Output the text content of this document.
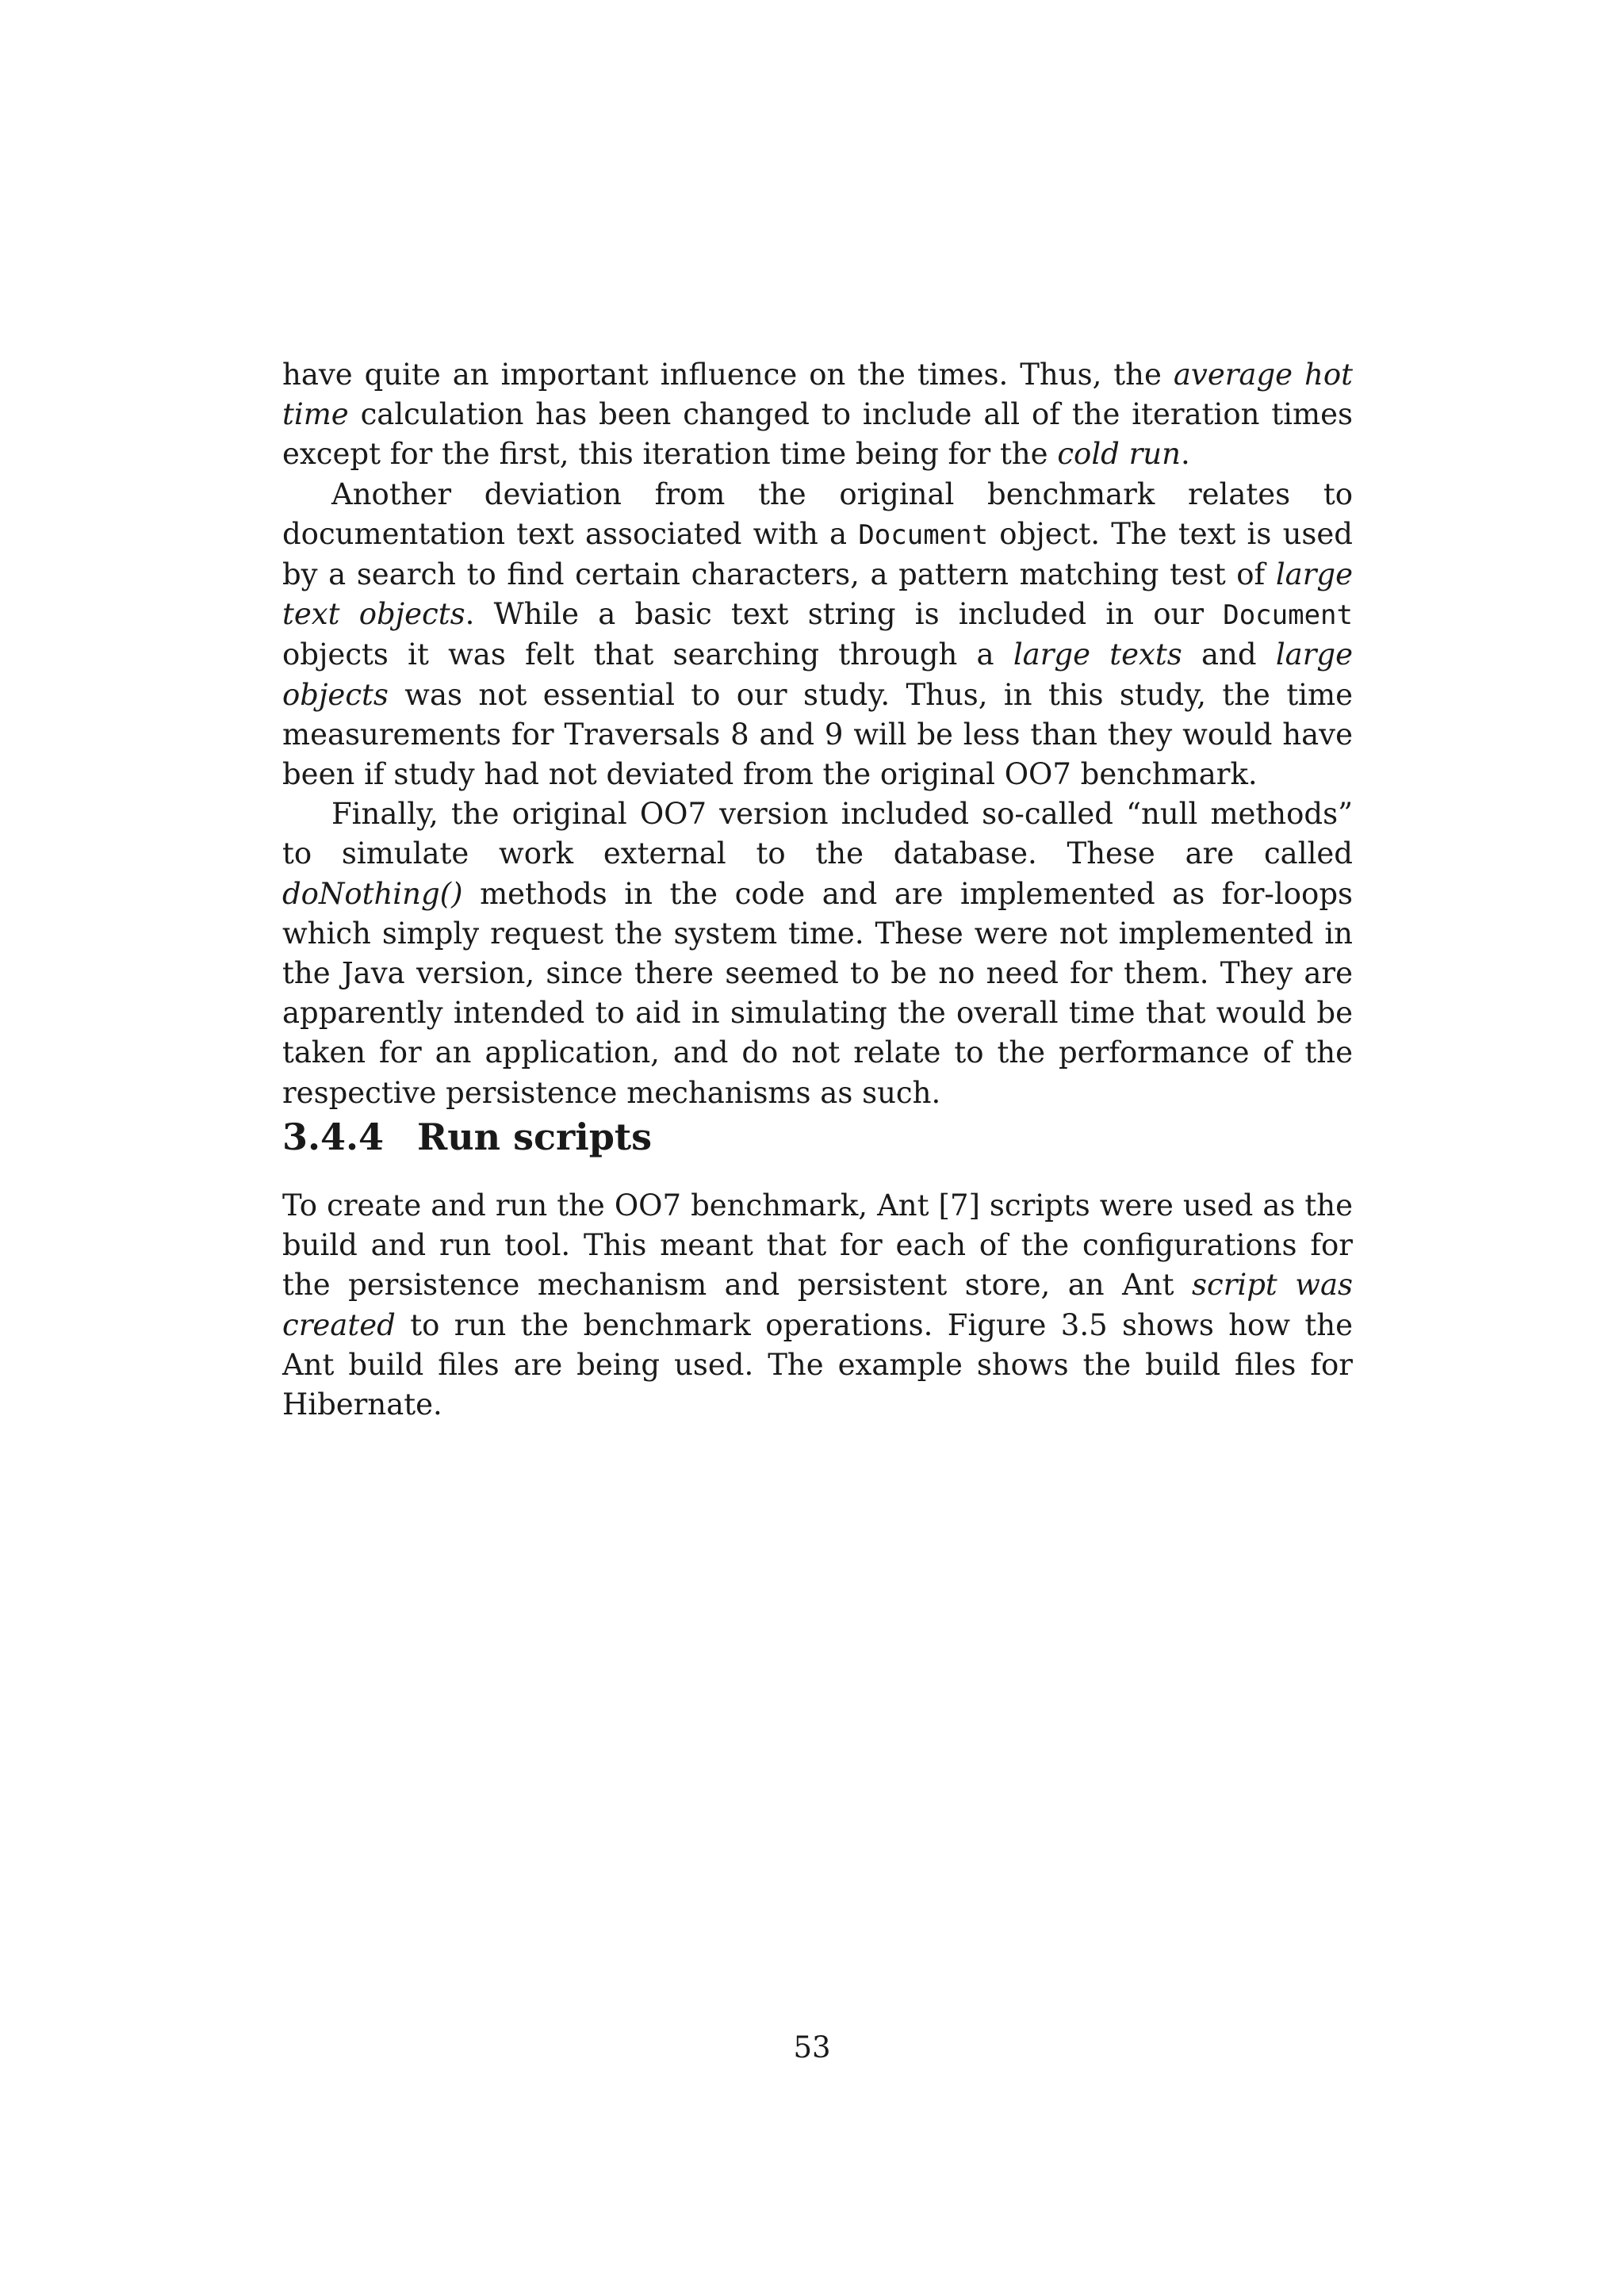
have quite an important influence on the times. Thus, the average hot time calculation has been changed to include all of the iteration times except for the first, this iteration time being for the cold run.

Another deviation from the original benchmark relates to documentation text associated with a Document object. The text is used by a search to find certain characters, a pattern matching test of large text objects. While a basic text string is included in our Document objects it was felt that searching through a large texts and large objects was not essential to our study. Thus, in this study, the time measurements for Traversals 8 and 9 will be less than they would have been if study had not deviated from the original OO7 benchmark.

Finally, the original OO7 version included so-called “null methods” to simulate work external to the database. These are called doNothing() methods in the code and are implemented as for-loops which simply request the system time. These were not implemented in the Java version, since there seemed to be no need for them. They are apparently intended to aid in simulating the overall time that would be taken for an application, and do not relate to the performance of the respective persistence mechanisms as such.

3.4.4 Run scripts

To create and run the OO7 benchmark, Ant [7] scripts were used as the build and run tool. This meant that for each of the configurations for the persistence mechanism and persistent store, an Ant script was created to run the benchmark operations. Figure 3.5 shows how the Ant build files are being used. The example shows the build files for Hibernate.

53
